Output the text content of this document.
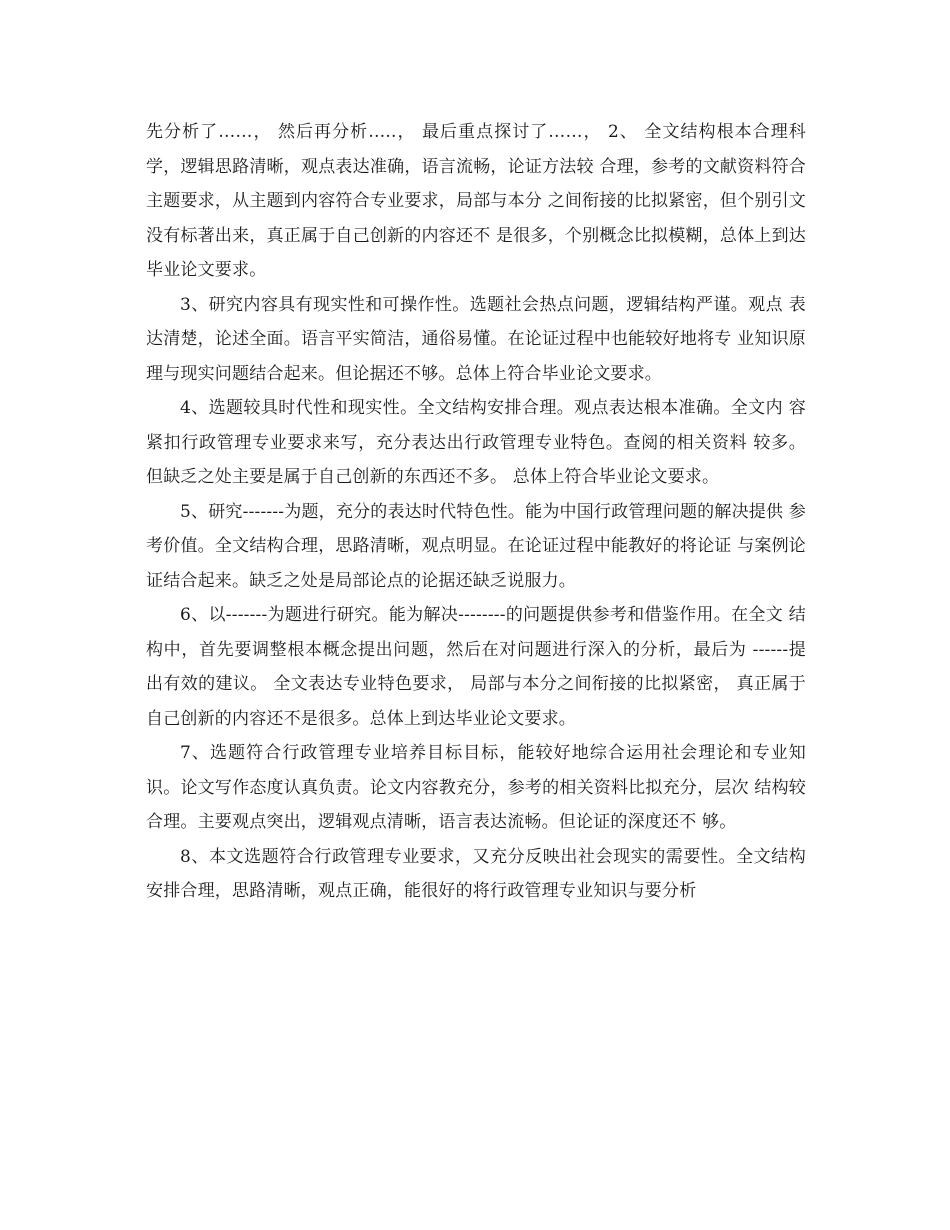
先分析了……， 然后再分析…..， 最后重点探讨了……， 2、 全文结构根本合理科学，逻辑思路清晰，观点表达准确，语言流畅，论证方法较 合理，参考的文献资料符合主题要求，从主题到内容符合专业要求，局部与本分 之间衔接的比拟紧密，但个别引文没有标著出来，真正属于自己创新的内容还不 是很多，个别概念比拟模糊，总体上到达毕业论文要求。

3、研究内容具有现实性和可操作性。选题社会热点问题，逻辑结构严谨。观点 表达清楚，论述全面。语言平实简洁，通俗易懂。在论证过程中也能较好地将专 业知识原理与现实问题结合起来。但论据还不够。总体上符合毕业论文要求。

4、选题较具时代性和现实性。全文结构安排合理。观点表达根本准确。全文内 容紧扣行政管理专业要求来写，充分表达出行政管理专业特色。查阅的相关资料 较多。 但缺乏之处主要是属于自己创新的东西还不多。 总体上符合毕业论文要求。

5、研究-------为题，充分的表达时代特色性。能为中国行政管理问题的解决提供 参考价值。全文结构合理，思路清晰，观点明显。在论证过程中能教好的将论证 与案例论证结合起来。缺乏之处是局部论点的论据还缺乏说服力。

6、以-------为题进行研究。能为解决--------的问题提供参考和借鉴作用。在全文 结构中，首先要调整根本概念提出问题，然后在对问题进行深入的分析，最后为 ------提出有效的建议。 全文表达专业特色要求， 局部与本分之间衔接的比拟紧密， 真正属于自己创新的内容还不是很多。总体上到达毕业论文要求。

7、选题符合行政管理专业培养目标目标，能较好地综合运用社会理论和专业知 识。论文写作态度认真负责。论文内容教充分，参考的相关资料比拟充分，层次 结构较合理。主要观点突出，逻辑观点清晰，语言表达流畅。但论证的深度还不 够。

8、本文选题符合行政管理专业要求，又充分反映出社会现实的需要性。全文结构安排合理，思路清晰，观点正确，能很好的将行政管理专业知识与要分析
